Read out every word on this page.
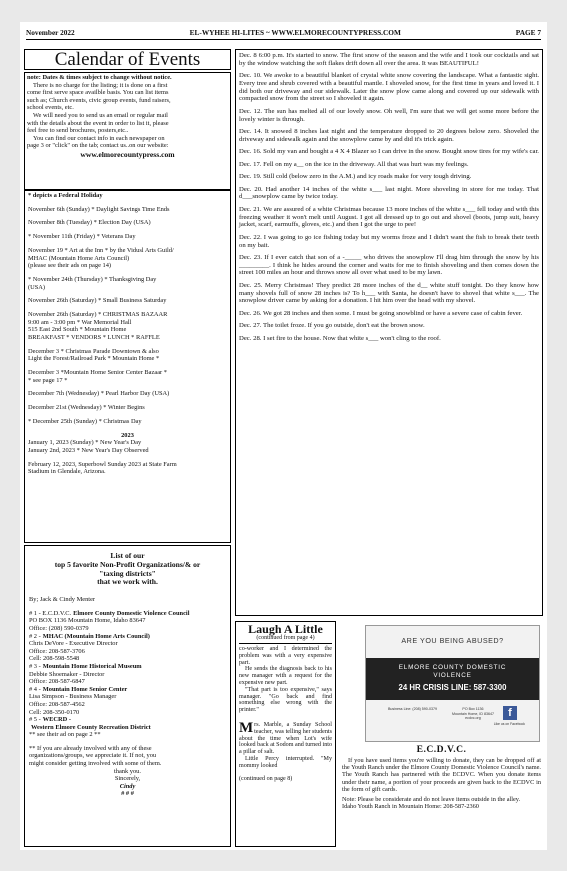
November 2022	EL-WYHEE HI-LITES ~ WWW.ELMORECOUNTYPRESS.COM	PAGE 7
Calendar of Events
note: Dates & times subject to change without notice.
There is no charge for the listing; it is done on a first
come first serve space availble basis. You can list items
such as; Church events, civic group events, fund raisers,
school events, etc.
We will need you to send us an email or regular mail
with the details about the event in order to list it, please
feel free to send brochures, posters,etc..
You can find our contact info in each newspaper on
page 3 or "click" on the tab; contact us..on our website:
www.elmorecountypress.com
* depicts a Federal Holiday
November 6th (Sunday) * Daylight Savings Time Ends
November 8th (Tuesday) * Election Day (USA)
* November 11th (Friday) * Veterans Day
November 19 * Art at the Inn * by the Vidusl Arts Guild/
MHAC (Mountain Home Arts Council)
(please see their ads on page 14)
* November 24th (Thursday) * Thanksgiving Day
(USA)
November 26th (Saturday) * Small Business Saturday
November 26th (Saturday) * CHRISTMAS BAZAAR
9:00 am - 3:00 pm * War Memorial Hall
515 East 2nd South * Mountain Home
BREAKFAST * VENDORS * LUNCH * RAFFLE
December 3 * Christmas Parade Downtown & also
Light the Forest/Railroad Park * Mountain Home *
December 3 *Mountain Home Senior Center Bazaar *
* see page 17 *
December 7th (Wednesday) * Pearl Harbor Day (USA)
December 21st (Wednesday) * Winter Begins
* December 25th (Sunday) * Christmas Day
2023
January 1, 2023 (Sunday) * New Year's Day
January 2nd, 2023 * New Year's Day Observed
February 12, 2023, Superbowl Sunday 2023 at State Farm
Stadium in Glendale, Arizona.
List of our
top 5 favorite Non-Profit Organizations/& or
"taxing districts"
that we work with.
By; Jack & Cindy Menter
# 1 - E.C.D.V.C. Elmore County Domestic Violence Council
PO BOX 1136 Mountain Home, Idaho 83647
Office: (208) 590-0379
# 2 - MHAC (Mountain Home Arts Council)
Chris DeVore - Executive Director
Office: 208-587-3706
Cell: 208-598-5548
# 3 - Mountain Home Historical Museum
Debbie Shoemaker - Director
Office: 208-587-6847
# 4 - Mountain Home Senior Center
Lisa Simpson - Business Manager
Office: 208-587-4562
Cell: 208-350-0170
# 5 - WECRD -
Western Elmore County Recreation District
** see their ad on page 2 **
** If you are already involved with any of these
organizations/groups, we appreciate it. If not, you
might consider getting involved with some of them.
thank you.
Sincerely,
Cindy
# # #

Dec. 8 6:00 p.m. It's started to snow. The first snow of the season and the wife and I took our cocktails and sat by the window watching the soft flakes drift down all over the area. It was BEAUTIFUL!

Dec. 10. We awoke to a beautiful blanket of crystal white snow covering the landscape. What a fantastic sight. Every tree and shrub covered with a beautiful mantle. I shoveled snow, for the first time in years and loved it. I did both our driveway and our sidewalk. Later the snow plow came along and covered up our sidewalk with compacted snow from the street so I shoveled it again.

Dec. 12. The sun has melted all of our lovely snow. Oh well, I'm sure that we will get some more before the lovely winter is through.

Dec. 14. It snowed 8 inches last night and the temperature dropped to 20 degrees below zero. Shoveled the driveway and sidewalk again and the snowplow came by and did it's trick again.

Dec. 16. Sold my van and bought a 4 X 4 Blazer so I can drive in the snow. Bought snow tires for my wife's car.

Dec. 17. Fell on my a__ on the ice in the driveway. All that was hurt was my feelings.

Dec. 19. Still cold (below zero in the A.M.) and icy roads make for very tough driving.

Dec. 20. Had another 14 inches of the white s___ last night. More shoveling in store for me today. That d___snowplow came by twice today.

Dec. 21. We are assured of a white Christmas because 13 more inches of the white s___ fell today and with this freezing weather it won't melt until August. I got all dressed up to go out and shovel (boots, jump suit, heavy jacket, scarf, earmuffs, gloves, etc.) and then I got the urge to pee!

Dec. 22. I was going to go ice fishing today but my worms froze and I didn't want the fish to break their teeth on my bait.

Dec. 23. If I ever catch that son of a -_____ who drives the snowplow I'll drag him through the snow by his _________. I think he hides around the corner and waits for me to finish shoveling and then comes down the street 100 miles an hour and throws snow all over what used to be my lawn.

Dec. 25. Merry Christmas! They predict 28 more inches of the d__ white stuff tonight. Do they know how many shovels full of snow 28 inches is? To h___ with Santa, he doesn't have to shovel that white s___. The snowplow driver came by asking for a donation. I hit him over the head with my shovel.

Dec. 26. We got 28 inches and then some. I must be going snowblind or have a severe case of cabin fever.

Dec. 27. The toilet froze. If you go outside, don't eat the brown snow.

Dec. 28. I set fire to the house. Now that white s___ won't cling to the roof.

Laugh A Little
(continued from page 4)
co-worker and I determined the problem was with a very expensive part.
He sends the diagnosis back to his new manager with a request for the expensive new part.
"That part is too expensive," says manager. "Go back and find something else wrong with the printer."
M rs. Marble, a Sunday School teacher, was telling her students about the time when Lot's wife looked back at Sodom and turned into a pillar of salt.
Little Percy interrupted. "My mommy looked
(continued on page 8)
ARE YOU BEING ABUSED?
ELMORE COUNTY DOMESTIC
VIOLENCE
24 HR CRISIS LINE: 587-3300
Business Line: (208) 590-0379	PO Box 1136
Mountain Home, ID 83647
ecdvc.org	f
Like us on Facebook
E.C.D.V.C.
If you have used items you're willing to donate, they can be dropped off at the Youth Ranch under the Elmore County Domestic Violence Council's name. The Youth Ranch has partnered with the ECDVC. When you donate items under their name, a portion of your proceeds are given back to the ECDVC in the form of gift cards.
Note: Please be considerate and do not leave items outside in the alley.
Idaho Youth Ranch in Mountain Home: 208-587-2360
